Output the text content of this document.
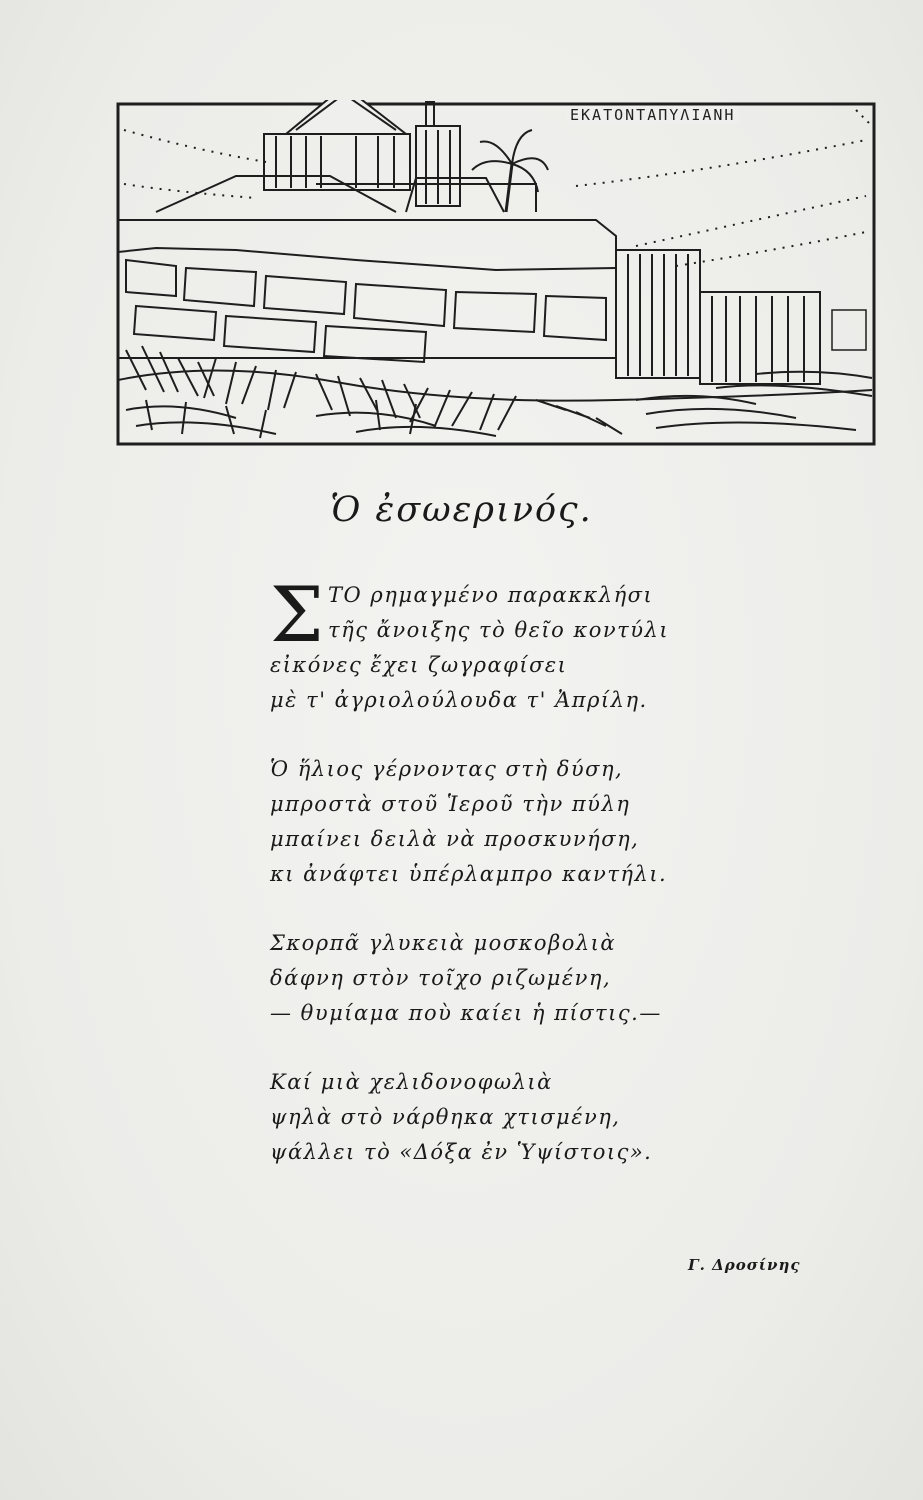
ΕΚΑΤΟΝΤΑΠΥΛΙΑΝΗ
Ὁ ἐσωερινός.
Σ ΤΟ ρημαγμένο παρακκλήσι
τῆς ἄνοιξης τὸ θεῖο κοντύλι
εἰκόνες ἔχει ζωγραφίσει
μὲ τ' ἀγριολούλουδα τ' Ἀπρίλη.
Ὁ ἥλιος γέρνοντας στὴ δύση,
μπροστὰ στοῦ Ἱεροῦ τὴν πύλη
μπαίνει δειλὰ νὰ προσκυνήση,
κι ἀνάφτει ὑπέρλαμπρο καντήλι.
Σκορπᾶ γλυκειὰ μοσκοβολιὰ
δάφνη στὸν τοῖχο ριζωμένη,
— θυμίαμα ποὺ καίει ἡ πίστις.—
Καί μιὰ χελιδονοφωλιὰ
ψηλὰ στὸ νάρθηκα χτισμένη,
ψάλλει τὸ «Δόξα ἐν Ὑψίστοις».
Γ. Δροσίνης
